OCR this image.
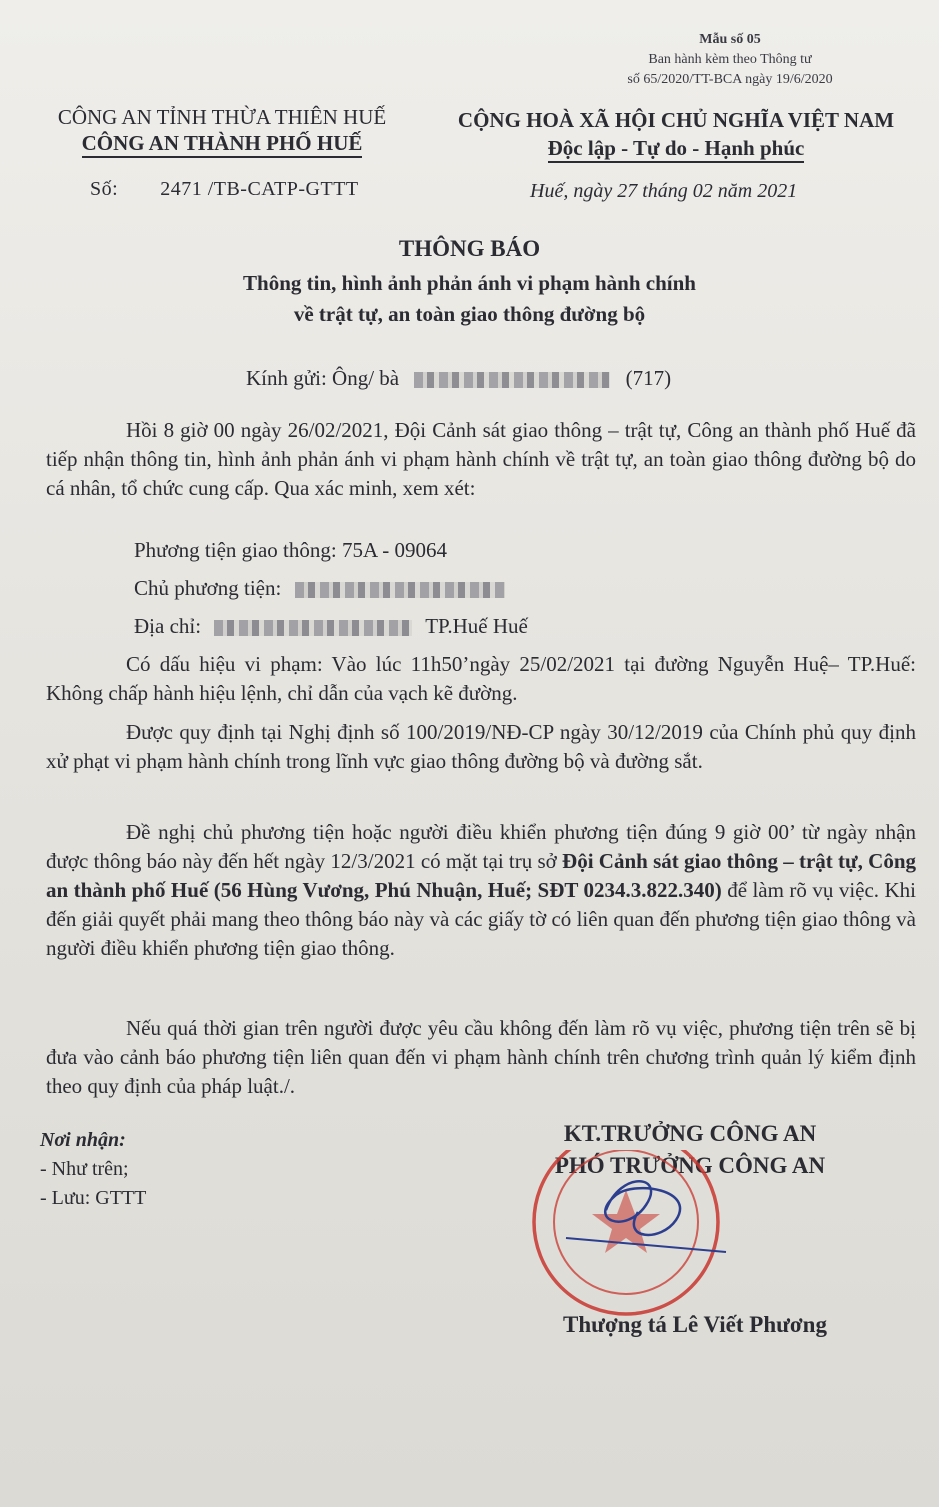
Mẫu số 05
Ban hành kèm theo Thông tư
số 65/2020/TT-BCA ngày 19/6/2020
CÔNG AN TỈNH THỪA THIÊN HUẾ
CÔNG AN THÀNH PHỐ HUẾ
CỘNG HOÀ XÃ HỘI CHỦ NGHĨA VIỆT NAM
Độc lập - Tự do - Hạnh phúc
Số: 2471 /TB-CATP-GTTT	Huế, ngày 27 tháng 02 năm 2021
THÔNG BÁO
Thông tin, hình ảnh phản ánh vi phạm hành chính
về trật tự, an toàn giao thông đường bộ
Kính gửi: Ông/ bà	(717)

Hồi 8 giờ 00 ngày 26/02/2021, Đội Cảnh sát giao thông – trật tự, Công an thành phố Huế đã tiếp nhận thông tin, hình ảnh phản ánh vi phạm hành chính về trật tự, an toàn giao thông đường bộ do cá nhân, tổ chức cung cấp. Qua xác minh, xem xét:

Phương tiện giao thông: 75A - 09064
Chủ phương tiện:
Địa chỉ:	TP.Huế Huế

Có dấu hiệu vi phạm: Vào lúc 11h50’ngày 25/02/2021 tại đường Nguyễn Huệ– TP.Huế: Không chấp hành hiệu lệnh, chỉ dẫn của vạch kẽ đường.

Được quy định tại Nghị định số 100/2019/NĐ-CP ngày 30/12/2019 của Chính phủ quy định xử phạt vi phạm hành chính trong lĩnh vực giao thông đường bộ và đường sắt.

Đề nghị chủ phương tiện hoặc người điều khiển phương tiện đúng 9 giờ 00’ từ ngày nhận được thông báo này đến hết ngày 12/3/2021 có mặt tại trụ sở Đội Cảnh sát giao thông – trật tự, Công an thành phố Huế (56 Hùng Vương, Phú Nhuận, Huế; SĐT 0234.3.822.340) để làm rõ vụ việc. Khi đến giải quyết phải mang theo thông báo này và các giấy tờ có liên quan đến phương tiện giao thông và người điều khiển phương tiện giao thông.

Nếu quá thời gian trên người được yêu cầu không đến làm rõ vụ việc, phương tiện trên sẽ bị đưa vào cảnh báo phương tiện liên quan đến vi phạm hành chính trên chương trình quản lý kiểm định theo quy định của pháp luật./.

Nơi nhận:
- Như trên;
- Lưu: GTTT
KT.TRƯỞNG CÔNG AN
PHÓ TRƯỞNG CÔNG AN
Thượng tá Lê Viết Phương
